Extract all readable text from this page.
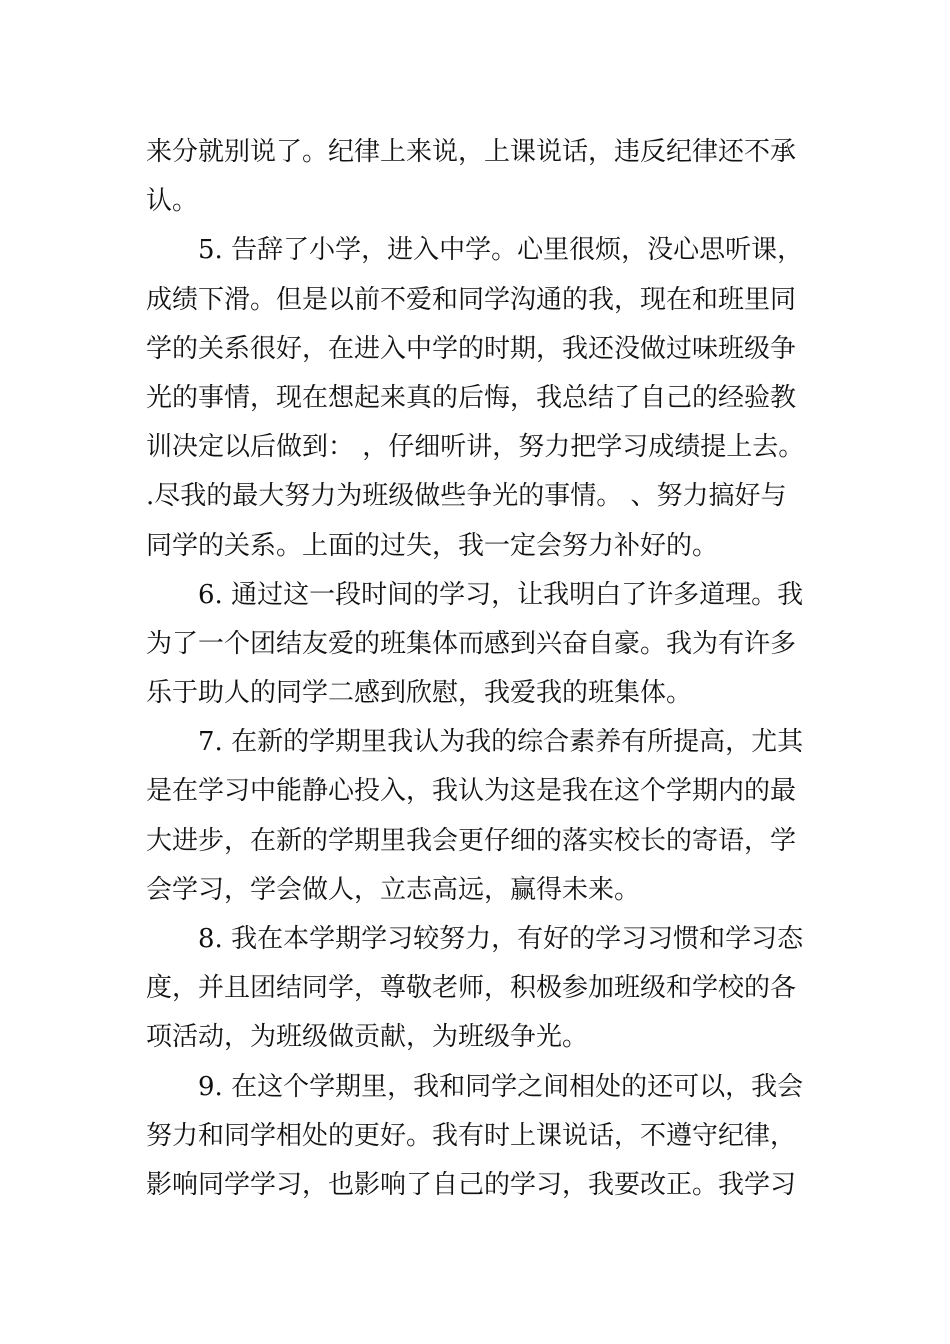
来分就别说了。纪律上来说，上课说话，违反纪律还不承
认。
5. 告辞了小学，进入中学。心里很烦，没心思听课，
成绩下滑。但是以前不爱和同学沟通的我，现在和班里同
学的关系很好，在进入中学的时期，我还没做过味班级争
光的事情，现在想起来真的后悔，我总结了自己的经验教
训决定以后做到： ，仔细听讲，努力把学习成绩提上去。
.尽我的最大努力为班级做些争光的事情。 、努力搞好与
同学的关系。上面的过失，我一定会努力补好的。
6. 通过这一段时间的学习，让我明白了许多道理。我
为了一个团结友爱的班集体而感到兴奋自豪。我为有许多
乐于助人的同学二感到欣慰，我爱我的班集体。
7. 在新的学期里我认为我的综合素养有所提高，尤其
是在学习中能静心投入，我认为这是我在这个学期内的最
大进步，在新的学期里我会更仔细的落实校长的寄语，学
会学习，学会做人，立志高远，赢得未来。
8. 我在本学期学习较努力，有好的学习习惯和学习态
度，并且团结同学，尊敬老师，积极参加班级和学校的各
项活动，为班级做贡献，为班级争光。
9. 在这个学期里，我和同学之间相处的还可以，我会
努力和同学相处的更好。我有时上课说话，不遵守纪律，
影响同学学习，也影响了自己的学习，我要改正。我学习
